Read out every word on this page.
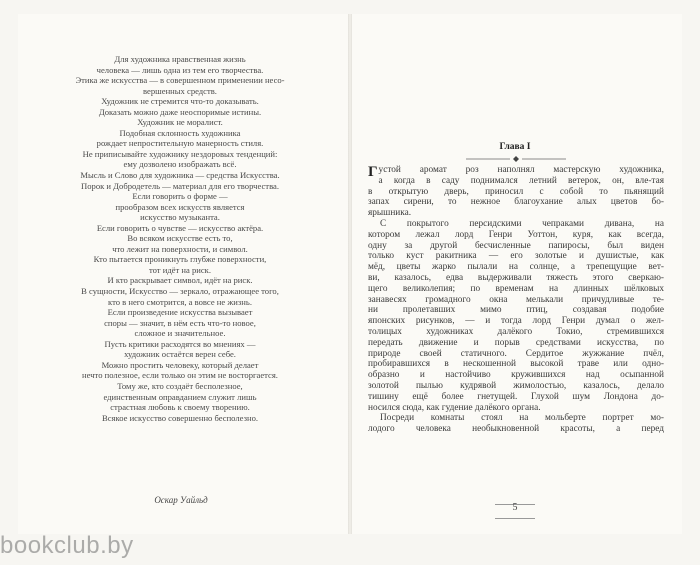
Для художника нравственная жизнь
человека — лишь одна из тем его творчества.
Этика же искусства — в совершенном применении несо-
вершенных средств.
Художник не стремится что-то доказывать.
Доказать можно даже неоспоримые истины.
Художник не моралист.
Подобная склонность художника
рождает непростительную манерность стиля.
Не приписывайте художнику нездоровых тенденций:
ему дозволено изображать всё.
Мысль и Слово для художника — средства Искусства.
Порок и Добродетель — материал для его творчества.
Если говорить о форме —
прообразом всех искусств является
искусство музыканта.
Если говорить о чувстве — искусство актёра.
Во всяком искусстве есть то,
что лежит на поверхности, и символ.
Кто пытается проникнуть глубже поверхности,
тот идёт на риск.
И кто раскрывает символ, идёт на риск.
В сущности, Искусство — зеркало, отражающее того,
кто в него смотрится, а вовсе не жизнь.
Если произведение искусства вызывает
споры — значит, в нём есть что-то новое,
сложное и значительное.
Пусть критики расходятся во мнениях —
художник остаётся верен себе.
Можно простить человеку, который делает
нечто полезное, если только он этим не восторгается.
Тому же, кто создаёт бесполезное,
единственным оправданием служит лишь
страстная любовь к своему творению.
Всякое искусство совершенно бесполезно.
Оскар Уайльд
Глава I
Густой аромат роз наполнял мастерскую художника,
а когда в саду поднимался летний ветерок, он, вле-тая
в открытую дверь, приносил с собой то пьянящий
запах сирени, то нежное благоухание алых цветов бо-
ярышника.
С покрытого персидскими чепраками дивана, на
котором лежал лорд Генри Уоттон, куря, как всегда,
одну за другой бесчисленные папиросы, был виден
только куст ракитника — его золотые и душистые, как
мёд, цветы жарко пылали на солнце, а трепещущие вет-
ви, казалось, едва выдерживали тяжесть этого сверкаю-
щего великолепия; по временам на длинных шёлковых
занавесях громадного окна мелькали причудливые те-
ни пролетавших мимо птиц, создавая подобие
японских рисунков, — и тогда лорд Генри думал о жел-
толицых художниках далёкого Токио, стремившихся
передать движение и порыв средствами искусства, по
природе своей статичного. Сердитое жужжание пчёл,
пробиравшихся в нескошенной высокой траве или одно-
образно и настойчиво кружившихся над осыпанной
золотой пылью кудрявой жимолостью, казалось, делало
тишину ещё более гнетущей. Глухой шум Лондона до-
носился сюда, как гудение далёкого органа.
Посреди комнаты стоял на мольберте портрет мо-
лодого человека необыкновенной красоты, а перед
5
bookclub.by
